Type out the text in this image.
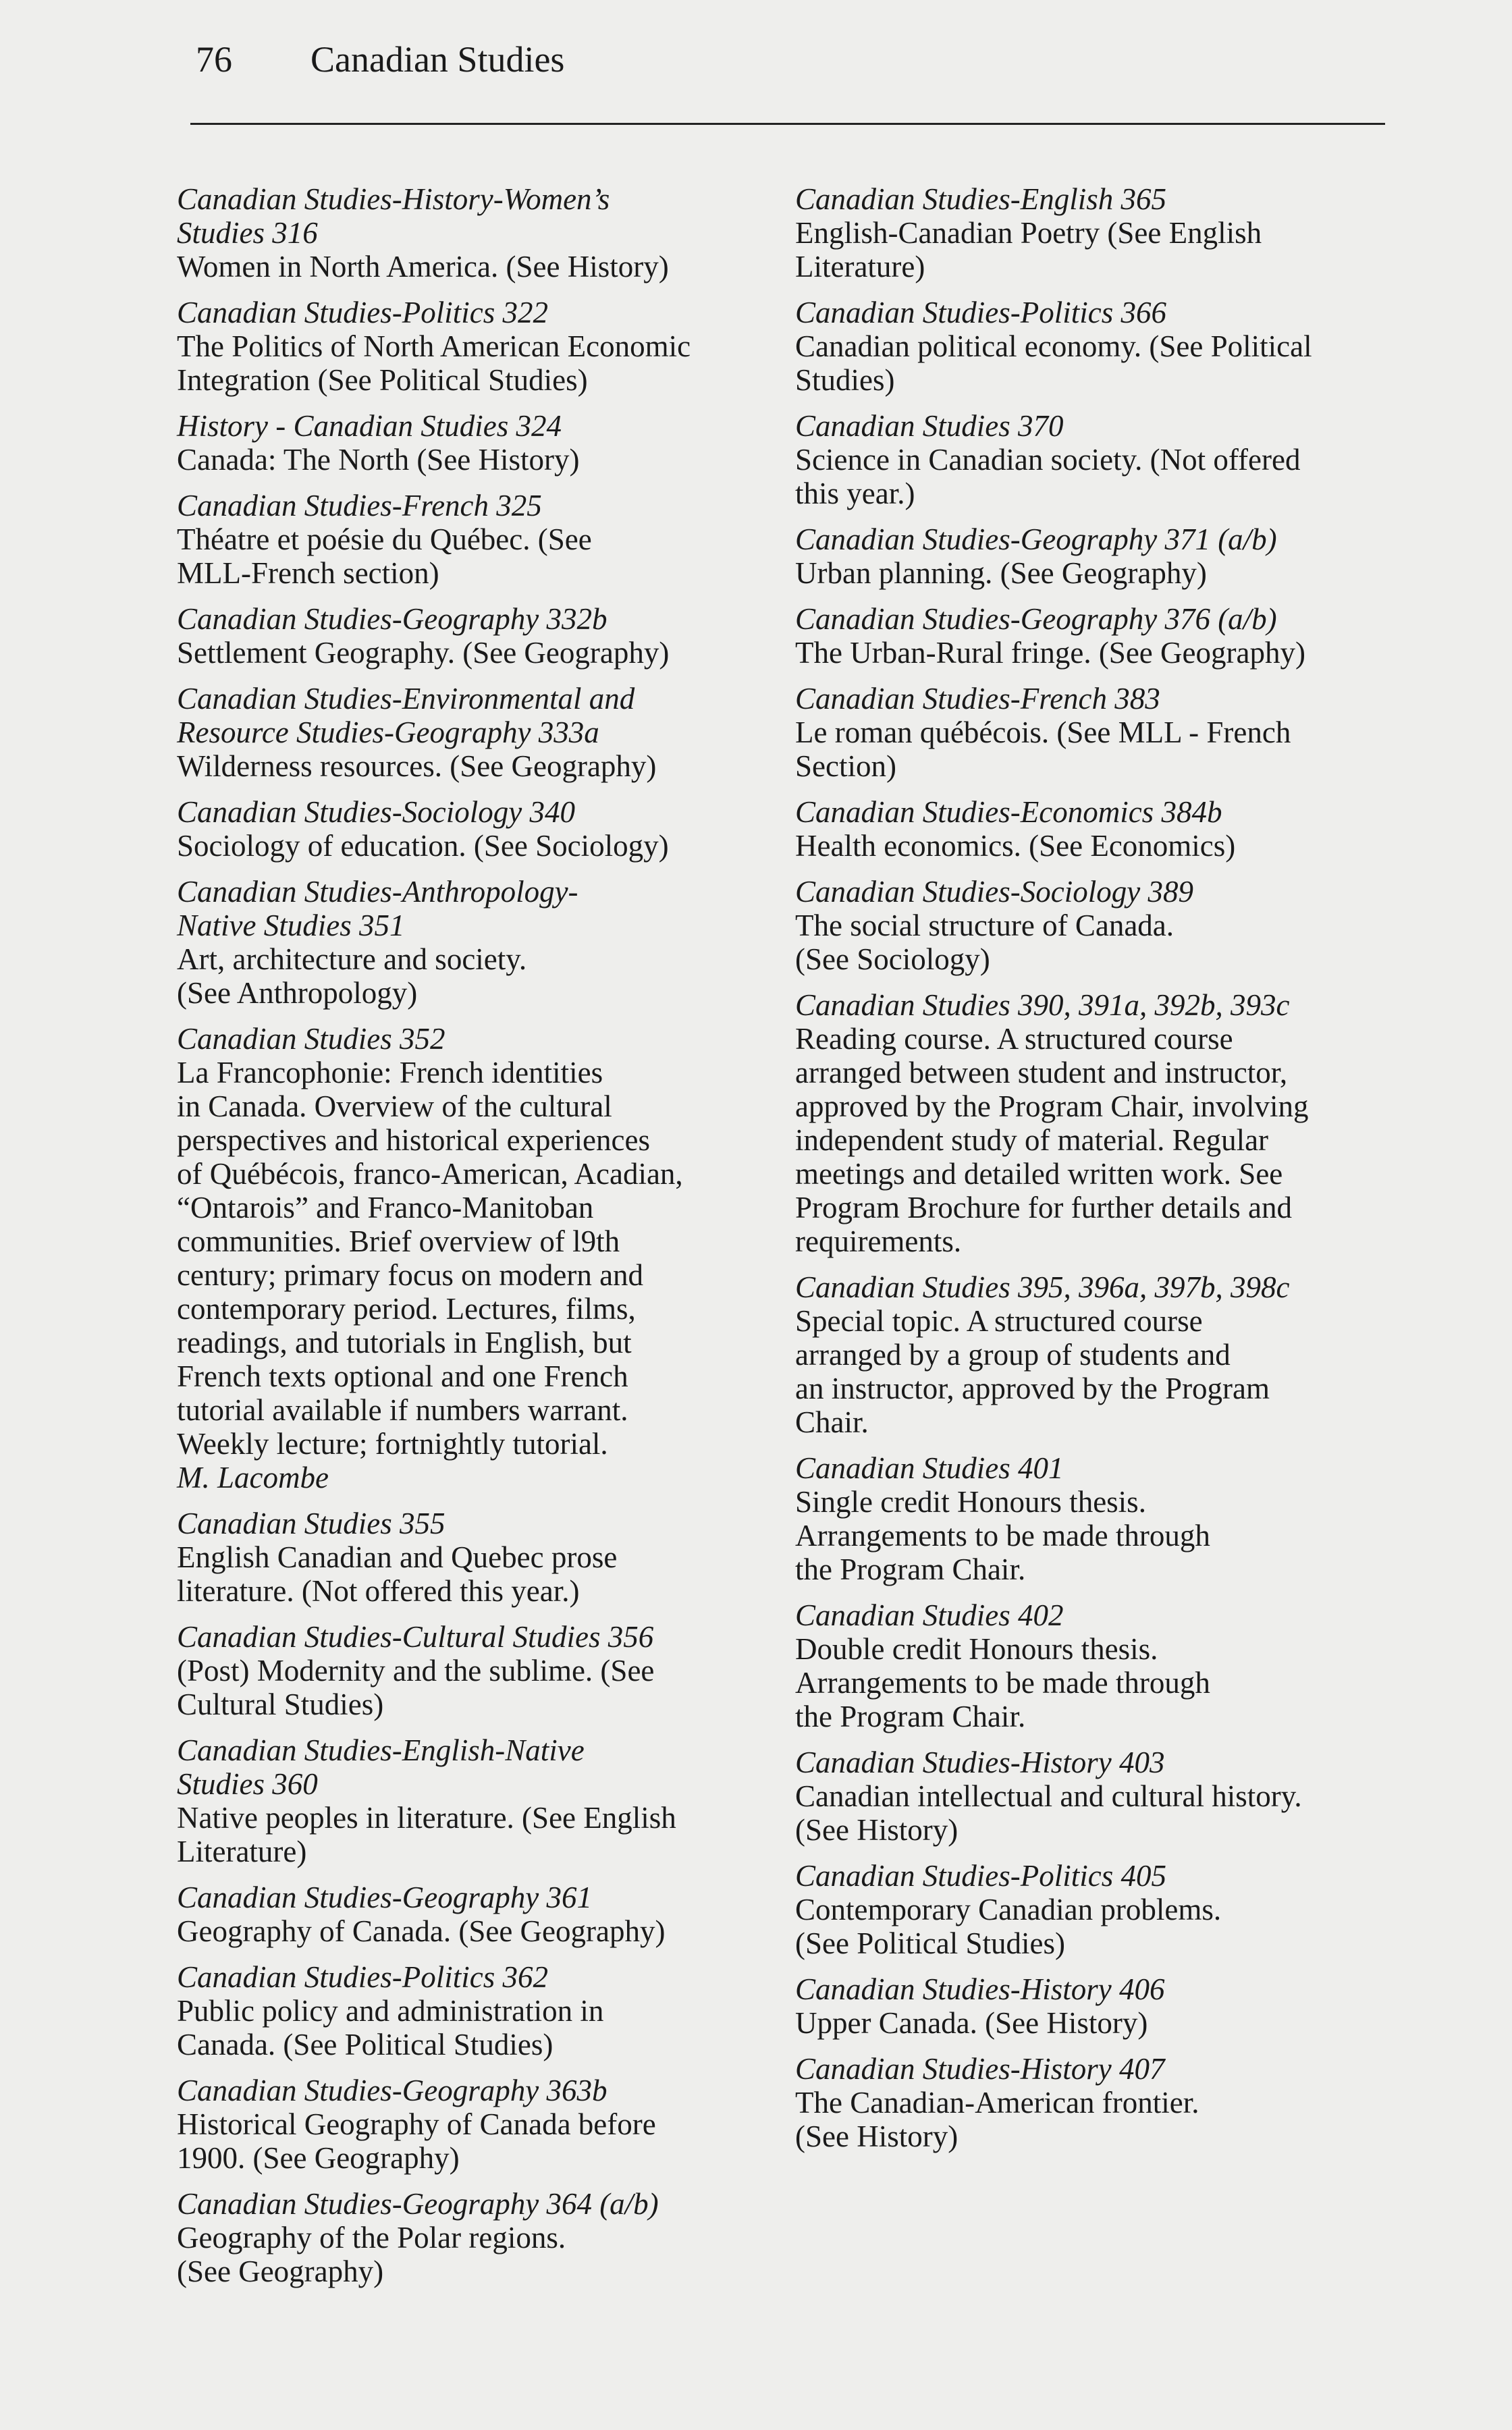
76 Canadian Studies
Canadian Studies-History-Women’s
Studies 316
Women in North America. (See History)
Canadian Studies-Politics 322
The Politics of North American Economic
Integration (See Political Studies)
History - Canadian Studies 324
Canada: The North (See History)
Canadian Studies-French 325
Théatre et poésie du Québec. (See
MLL-French section)
Canadian Studies-Geography 332b
Settlement Geography. (See Geography)
Canadian Studies-Environmental and
Resource Studies-Geography 333a
Wilderness resources. (See Geography)
Canadian Studies-Sociology 340
Sociology of education. (See Sociology)
Canadian Studies-Anthropology-
Native Studies 351
Art, architecture and society.
(See Anthropology)
Canadian Studies 352
La Francophonie: French identities
in Canada. Overview of the cultural
perspectives and historical experiences
of Québécois, franco-American, Acadian,
“Ontarois” and Franco-Manitoban
communities. Brief overview of l9th
century; primary focus on modern and
contemporary period. Lectures, films,
readings, and tutorials in English, but
French texts optional and one French
tutorial available if numbers warrant.
Weekly lecture; fortnightly tutorial.
M. Lacombe
Canadian Studies 355
English Canadian and Quebec prose
literature. (Not offered this year.)
Canadian Studies-Cultural Studies 356
(Post) Modernity and the sublime. (See
Cultural Studies)
Canadian Studies-English-Native
Studies 360
Native peoples in literature. (See English
Literature)
Canadian Studies-Geography 361
Geography of Canada. (See Geography)
Canadian Studies-Politics 362
Public policy and administration in
Canada. (See Political Studies)
Canadian Studies-Geography 363b
Historical Geography of Canada before
1900. (See Geography)
Canadian Studies-Geography 364 (a/b)
Geography of the Polar regions.
(See Geography)
Canadian Studies-English 365
English-Canadian Poetry (See English
Literature)
Canadian Studies-Politics 366
Canadian political economy. (See Political
Studies)
Canadian Studies 370
Science in Canadian society. (Not offered
this year.)
Canadian Studies-Geography 371 (a/b)
Urban planning. (See Geography)
Canadian Studies-Geography 376 (a/b)
The Urban-Rural fringe. (See Geography)
Canadian Studies-French 383
Le roman québécois. (See MLL - French
Section)
Canadian Studies-Economics 384b
Health economics. (See Economics)
Canadian Studies-Sociology 389
The social structure of Canada.
(See Sociology)
Canadian Studies 390, 391a, 392b, 393c
Reading course. A structured course
arranged between student and instructor,
approved by the Program Chair, involving
independent study of material. Regular
meetings and detailed written work. See
Program Brochure for further details and
requirements.
Canadian Studies 395, 396a, 397b, 398c
Special topic. A structured course
arranged by a group of students and
an instructor, approved by the Program
Chair.
Canadian Studies 401
Single credit Honours thesis.
Arrangements to be made through
the Program Chair.
Canadian Studies 402
Double credit Honours thesis.
Arrangements to be made through
the Program Chair.
Canadian Studies-History 403
Canadian intellectual and cultural history.
(See History)
Canadian Studies-Politics 405
Contemporary Canadian problems.
(See Political Studies)
Canadian Studies-History 406
Upper Canada. (See History)
Canadian Studies-History 407
The Canadian-American frontier.
(See History)
